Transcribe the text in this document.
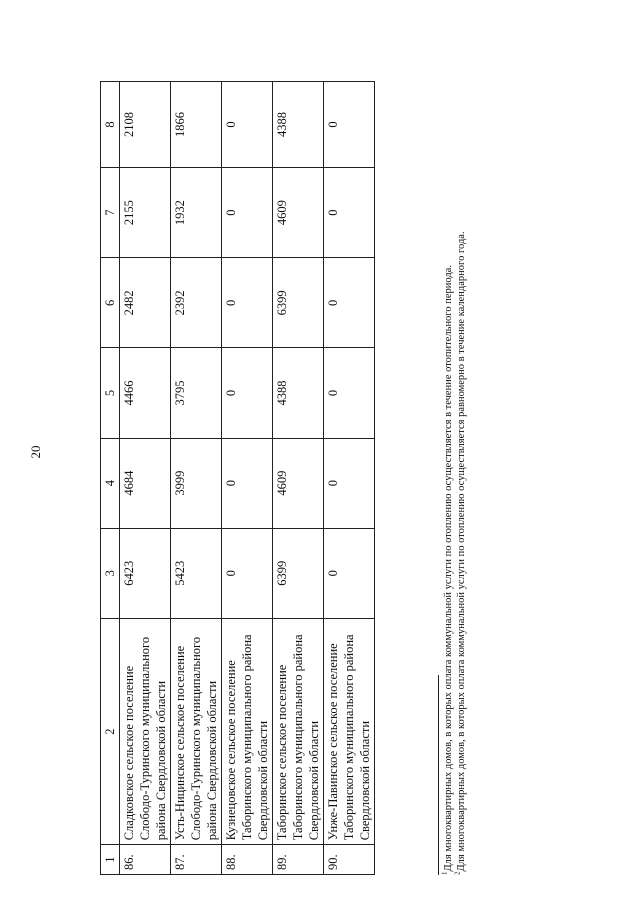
20
1	2	3	4	5	6	7	8
86.	Сладковское сельское поселение Слободо-Туринского муниципального района Свердловской области	6423	4684	4466	2482	2155	2108
87.	Усть-Ницинское сельское поселение Слободо-Туринского муниципального района Свердловской области	5423	3999	3795	2392	1932	1866
88.	Кузнецовское сельское поселение Таборинского муниципального района Свердловской области	0	0	0	0	0	0
89.	Таборинское сельское поселение Таборинского муниципального района Свердловской области	6399	4609	4388	6399	4609	4388
90.	Унже-Павинское сельское поселение Таборинского муниципального района Свердловской области	0	0	0	0	0	0

$^1$Для многоквартирных домов, в которых оплата коммунальной услуги по отоплению осуществляется в течение отопительного периода.

$^2$Для многоквартирных домов, в которых оплата коммунальной услуги по отоплению осуществляется равномерно в течение календарного года.
